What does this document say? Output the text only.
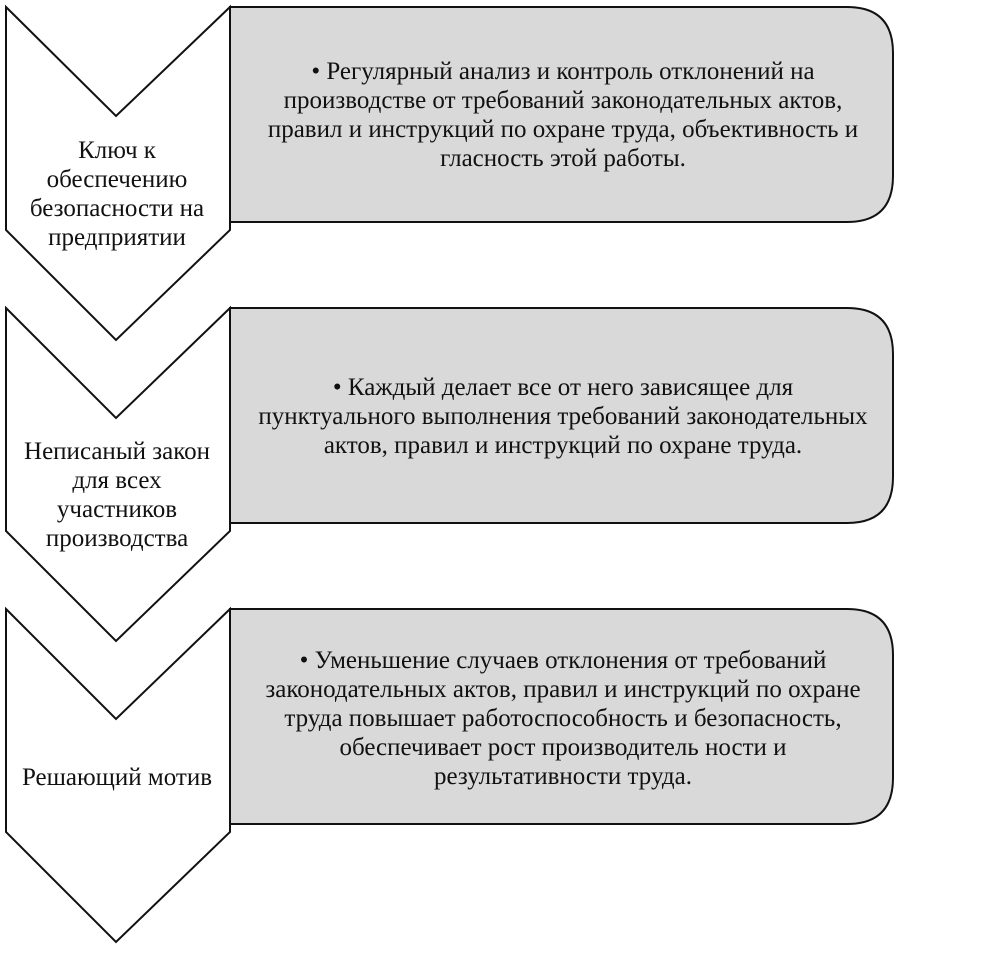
Ключ к обеспечению безопасности на предприятии
Неписаный закон для всех участников производства
Решающий мотив
• Регулярный анализ и контроль отклонений на производстве от требований законодательных актов, правил и инструкций по охране труда, объективность и гласность этой работы.
• Каждый делает все от него зависящее для пунктуального выполнения требований законодательных актов, правил и инструкций по охране труда.
• Уменьшение случаев отклонения от требований законодательных актов, правил и инструкций по охране труда повышает работоспособность и безопасность, обеспечивает рост производитель ности и результативности труда.
